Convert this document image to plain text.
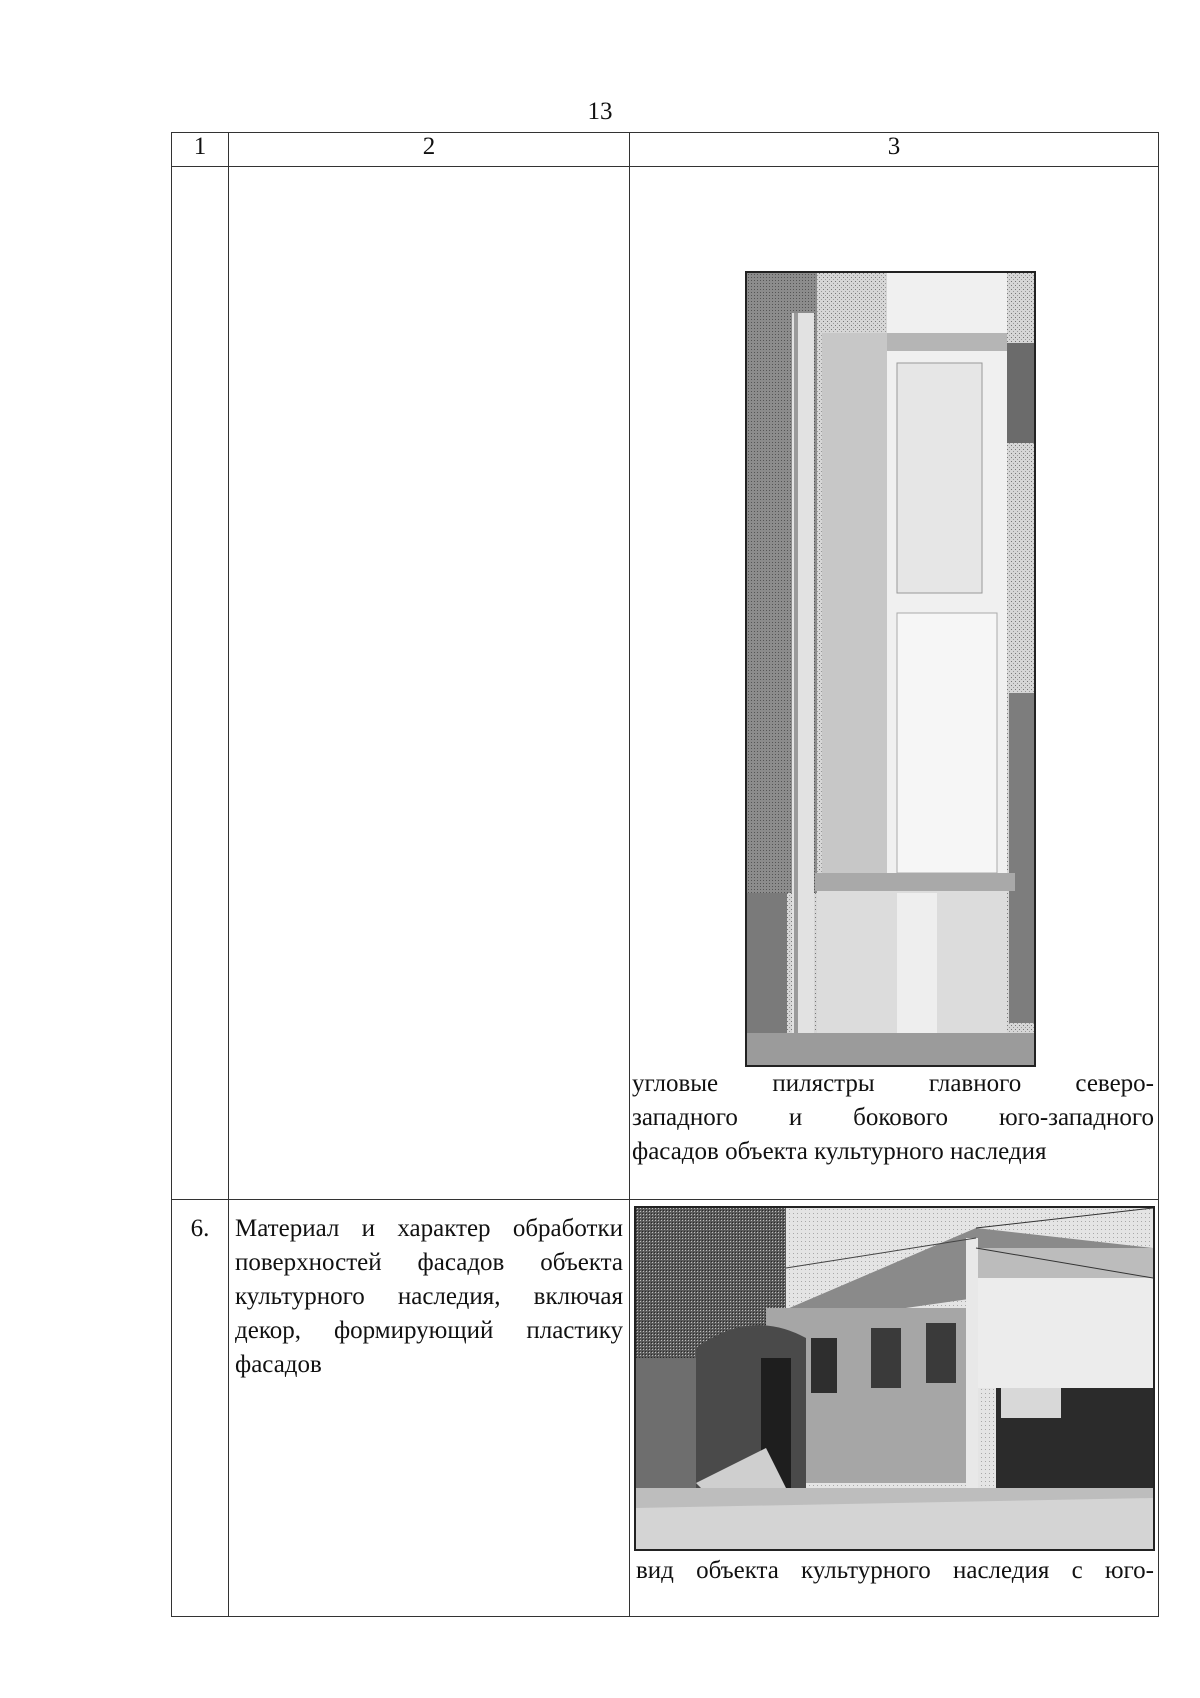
13
1	2	3

		угловые пилястры главного северо-
западного и бокового юго-западного
фасадов объекта культурного наследия

6.	Материал и характер обработки поверхностей фасадов объекта культурного наследия, включая декор, формирующий пластику фасадов	вид объекта культурного наследия с юго-
